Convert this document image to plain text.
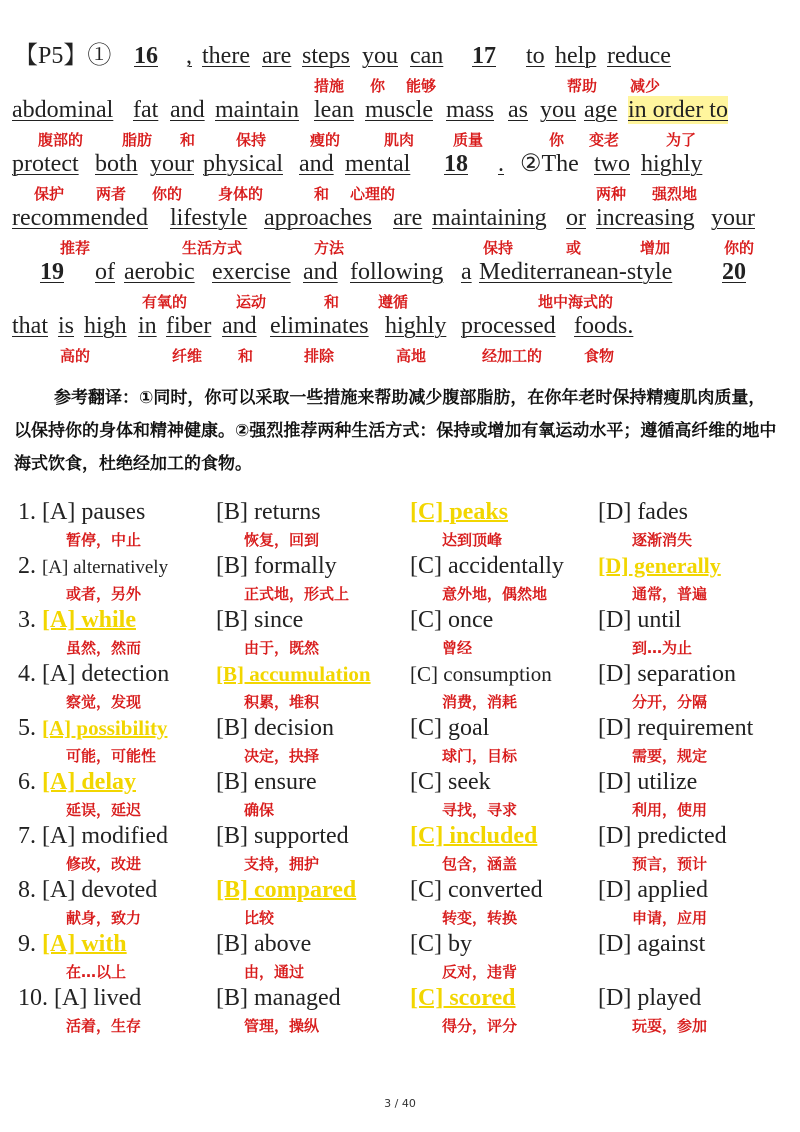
【P5】① 16 , there are steps you can 17 to help reduce
措施 你 能够	帮助 减少
abdominal fat and maintain lean muscle mass as you age in order to
腹部的	脂肪 和	保持	瘦的	肌肉	质量	你 变老	为了
protect both your physical and mental 18 . ②The two highly
保护 两者 你的 身体的	和 心理的	两种 强烈地
recommended lifestyle approaches are maintaining or increasing your
推荐	生活方式	方法	保持	或	增加	你的
19 of aerobic exercise and following a Mediterranean-style 20
有氧的	运动	和	遵循	地中海式的
that is high in fiber and eliminates highly processed foods.
高的	纤维 和	排除	高地	经加工的	食物
参考翻译：①同时，你可以采取一些措施来帮助减少腹部脂肪，在你年老时保持精瘦肌肉质量，以保持你的身体和精神健康。②强烈推荐两种生活方式：保持或增加有氧运动水平；遵循高纤维的地中海式饮食，杜绝经加工的食物。
1. [A] pauses
暂停，中止
[B] returns
恢复，回到
[C] peaks
达到顶峰
[D] fades
逐渐消失
2. [A] alternatively
或者，另外
[B] formally
正式地，形式上
[C] accidentally
意外地，偶然地
[D] generally
通常，普遍
3. [A] while
虽然，然而
[B] since
由于，既然
[C] once
曾经
[D] until
到…为止
4. [A] detection
察觉，发现
[B] accumulation
积累，堆积
[C] consumption
消费，消耗
[D] separation
分开，分隔
5. [A] possibility
可能，可能性
[B] decision
决定，抉择
[C] goal
球门，目标
[D] requirement
需要，规定
6. [A] delay
延误，延迟
[B] ensure
确保
[C] seek
寻找，寻求
[D] utilize
利用，使用
7. [A] modified
修改，改进
[B] supported
支持，拥护
[C] included
包含，涵盖
[D] predicted
预言，预计
8. [A] devoted
献身，致力
[B] compared
比较
[C] converted
转变，转换
[D] applied
申请，应用
9. [A] with
在…以上
[B] above
由，通过
[C] by
反对，违背
[D] against
10. [A] lived
活着，生存
[B] managed
管理，操纵
[C] scored
得分，评分
[D] played
玩耍，参加
3 / 40
